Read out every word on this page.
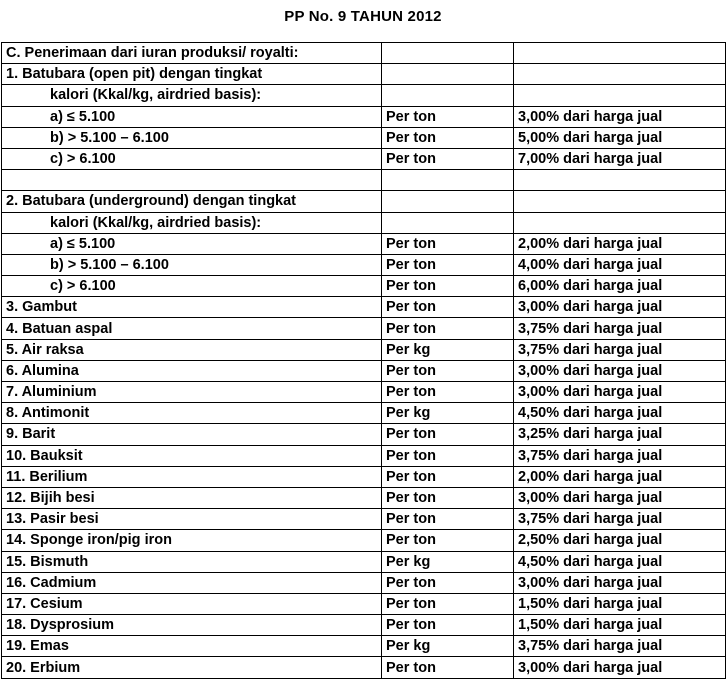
PP No. 9 TAHUN 2012
C. Penerimaan dari iuran produksi/ royalti:		
1. Batubara (open pit) dengan tingkat		
kalori (Kkal/kg, airdried basis):		
a) ≤ 5.100	Per ton	3,00% dari harga jual
b) > 5.100 – 6.100	Per ton	5,00% dari harga jual
c) > 6.100	Per ton	7,00% dari harga jual

2. Batubara (underground) dengan tingkat		
kalori (Kkal/kg, airdried basis):		
a) ≤ 5.100	Per ton	2,00% dari harga jual
b) > 5.100 – 6.100	Per ton	4,00% dari harga jual
c) > 6.100	Per ton	6,00% dari harga jual
3. Gambut	Per ton	3,00% dari harga jual
4. Batuan aspal	Per ton	3,75% dari harga jual
5. Air raksa	Per kg	3,75% dari harga jual
6. Alumina	Per ton	3,00% dari harga jual
7. Aluminium	Per ton	3,00% dari harga jual
8. Antimonit	Per kg	4,50% dari harga jual
9. Barit	Per ton	3,25% dari harga jual
10. Bauksit	Per ton	3,75% dari harga jual
11. Berilium	Per ton	2,00% dari harga jual
12. Bijih besi	Per ton	3,00% dari harga jual
13. Pasir besi	Per ton	3,75% dari harga jual
14. Sponge iron/pig iron	Per ton	2,50% dari harga jual
15. Bismuth	Per kg	4,50% dari harga jual
16. Cadmium	Per ton	3,00% dari harga jual
17. Cesium	Per ton	1,50% dari harga jual
18. Dysprosium	Per ton	1,50% dari harga jual
19. Emas	Per kg	3,75% dari harga jual
20. Erbium	Per ton	3,00% dari harga jual
